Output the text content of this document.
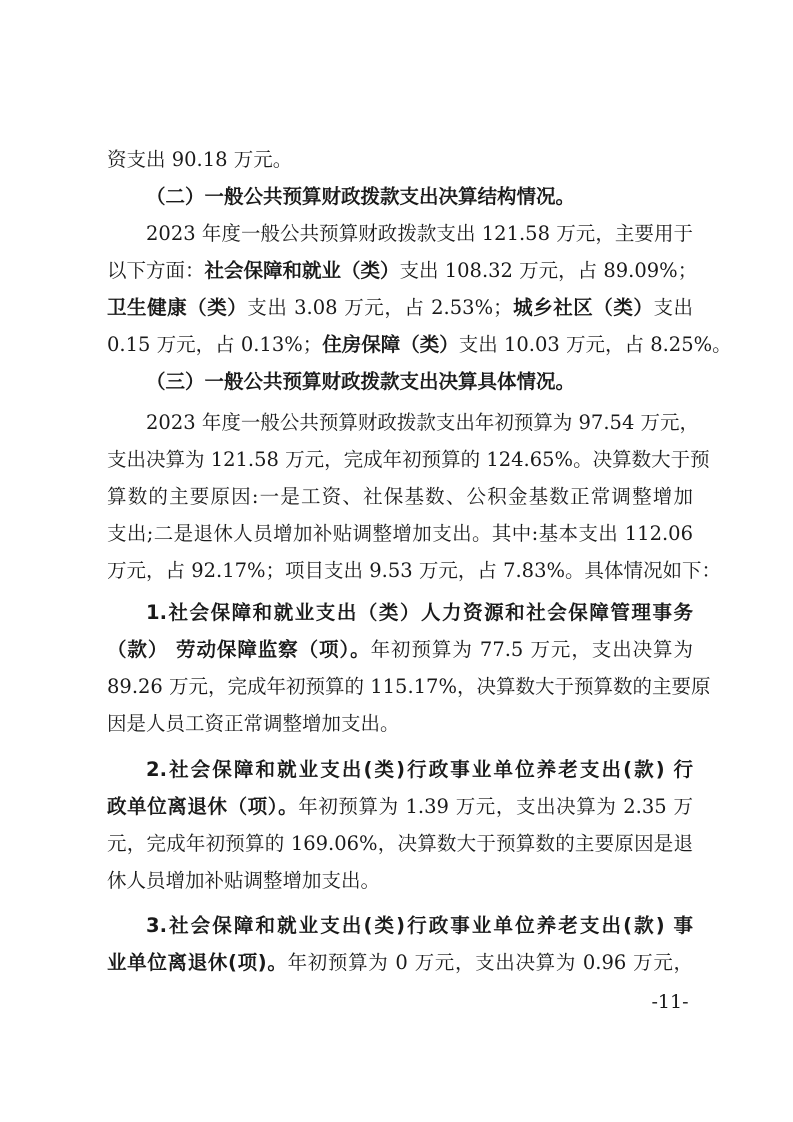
资支出 90.18 万元。
（二）一般公共预算财政拨款支出决算结构情况。
2023 年度一般公共预算财政拨款支出 121.58 万元，主要用于
以下方面：社会保障和就业（类）支出 108.32 万元，占 89.09%；
卫生健康（类）支出 3.08 万元，占 2.53%；城乡社区（类）支出
0.15 万元，占 0.13%；住房保障（类）支出 10.03 万元，占 8.25%。
（三）一般公共预算财政拨款支出决算具体情况。
2023 年度一般公共预算财政拨款支出年初预算为 97.54 万元，
支出决算为 121.58 万元，完成年初预算的 124.65%。决算数大于预
算数的主要原因:一是工资、社保基数、公积金基数正常调整增加
支出;二是退休人员增加补贴调整增加支出。其中:基本支出 112.06
万元，占 92.17%；项目支出 9.53 万元，占 7.83%。具体情况如下：
1.社会保障和就业支出（类）人力资源和社会保障管理事务
（款） 劳动保障监察（项）。年初预算为 77.5 万元，支出决算为
89.26 万元，完成年初预算的 115.17%，决算数大于预算数的主要原
因是人员工资正常调整增加支出。
2.社会保障和就业支出(类)行政事业单位养老支出(款) 行
政单位离退休（项）。年初预算为 1.39 万元，支出决算为 2.35 万
元，完成年初预算的 169.06%，决算数大于预算数的主要原因是退
休人员增加补贴调整增加支出。
3.社会保障和就业支出(类)行政事业单位养老支出(款) 事
业单位离退休(项)。年初预算为 0 万元，支出决算为 0.96 万元，
-11-
